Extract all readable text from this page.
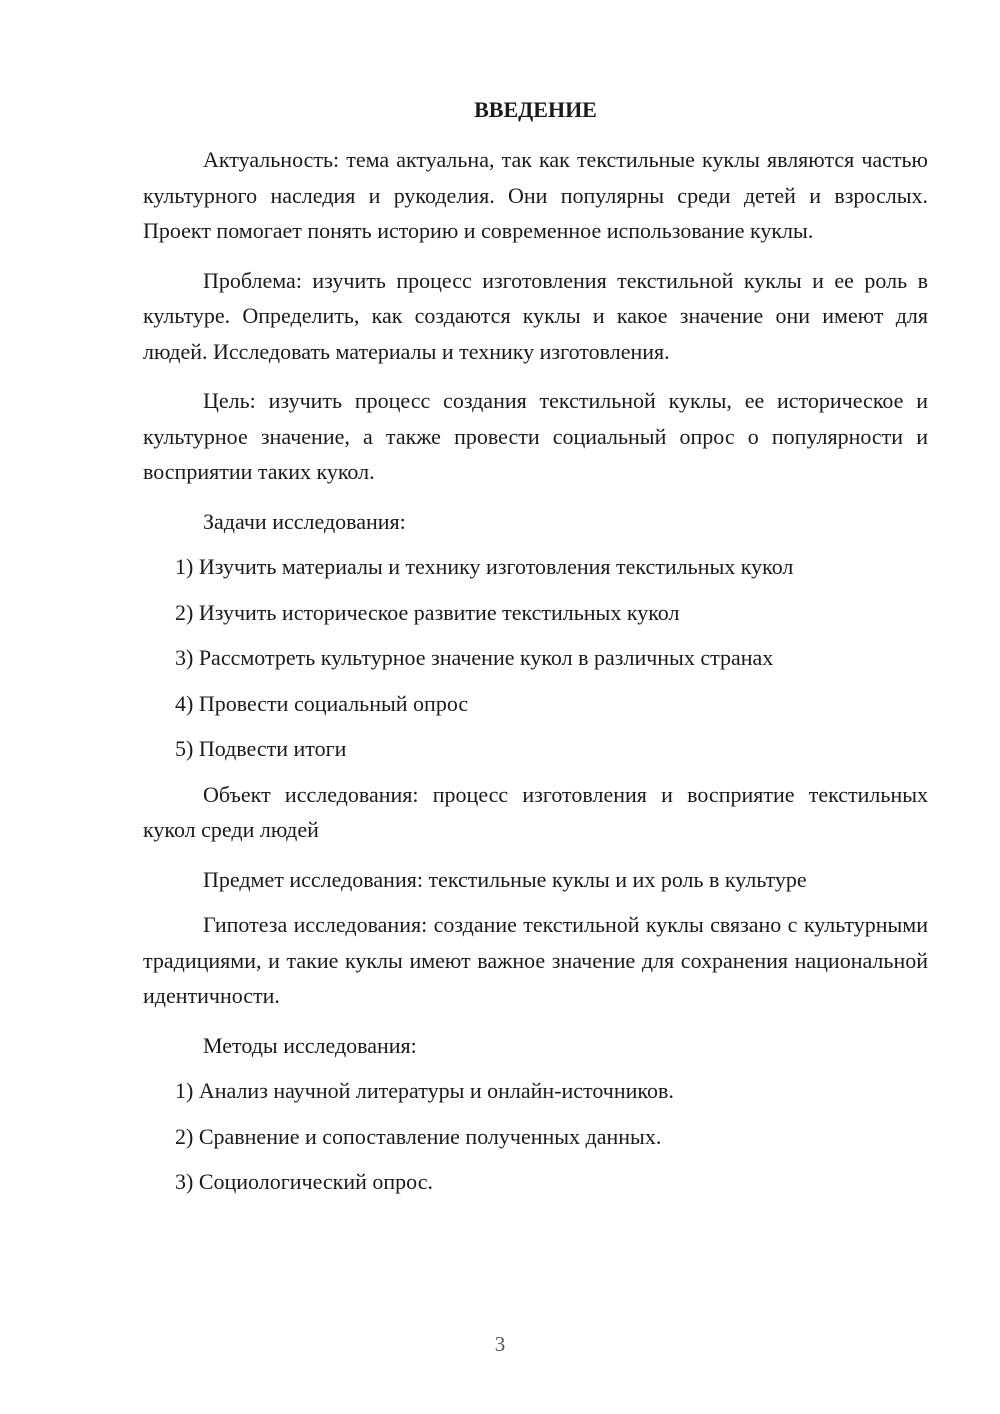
ВВЕДЕНИЕ

Актуальность: тема актуальна, так как текстильные куклы являются частью культурного наследия и рукоделия. Они популярны среди детей и взрослых. Проект помогает понять историю и современное использование куклы.

Проблема: изучить процесс изготовления текстильной куклы и ее роль в культуре. Определить, как создаются куклы и какое значение они имеют для людей. Исследовать материалы и технику изготовления.

Цель: изучить процесс создания текстильной куклы, ее историческое и культурное значение, а также провести социальный опрос о популярности и восприятии таких кукол.

Задачи исследования:

1) Изучить материалы и технику изготовления текстильных кукол

2) Изучить историческое развитие текстильных кукол

3) Рассмотреть культурное значение кукол в различных странах

4) Провести социальный опрос

5) Подвести итоги

Объект исследования: процесс изготовления и восприятие текстильных кукол среди людей

Предмет исследования: текстильные куклы и их роль в культуре

Гипотеза исследования: создание текстильной куклы связано с культурными традициями, и такие куклы имеют важное значение для сохранения национальной идентичности.

Методы исследования:

1) Анализ научной литературы и онлайн-источников.

2) Сравнение и сопоставление полученных данных.

3) Социологический опрос.

3
